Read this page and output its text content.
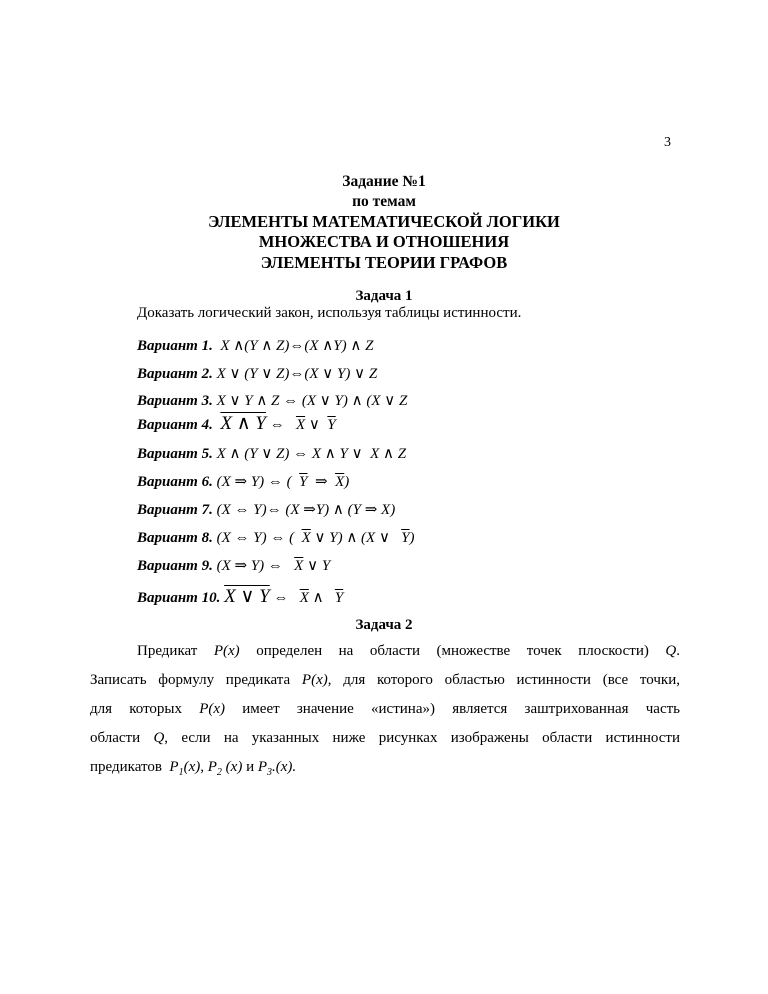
3
Задание №1
по темам
ЭЛЕМЕНТЫ МАТЕМАТИЧЕСКОЙ ЛОГИКИ
МНОЖЕСТВА И ОТНОШЕНИЯ
ЭЛЕМЕНТЫ ТЕОРИИ ГРАФОВ
Задача 1
Доказать логический закон, используя таблицы истинности.
Вариант 1.  X ∧(Y ∧ Z)⇔(X ∧Y) ∧ Z
Вариант 2. X ∨ (Y ∨ Z)⇔(X ∨ Y) ∨ Z
Вариант 3. X ∨ Y ∧ Z ⇔ (X ∨ Y) ∧ (X ∨ Z
Вариант 4. X ∧ Y ⇔   $\overline{X}$ ∨  $\overline{Y}$
Вариант 5. X ∧ (Y ∨ Z) ⇔ X ∧ Y ∨  X ∧ Z
Вариант 6. (X ⇒ Y) ⇔ (  $\overline{Y}$  ⇒  $\overline{X}$)
Вариант 7. (X ⇔ Y)⇔ (X ⇒Y) ∧ (Y ⇒ X)
Вариант 8. (X ⇔ Y) ⇔ (  $\overline{X}$ ∨ Y) ∧ (X ∨   $\overline{Y}$)
Вариант 9. (X ⇒ Y) ⇔   $\overline{X}$ ∨ Y
Вариант 10. X ∨ Y ⇔   $\overline{X}$ ∧   $\overline{Y}$
Задача 2
Предикат P(x) определен на области (множестве точек плоскости) Q.
Записать формулу предиката P(x), для которого областью истинности (все точки,
для которых P(x) имеет значение «истина») является заштрихованная часть
области Q, если на указанных ниже рисунках изображены области истинности
предикатов  $P_1(x)$, $P_2$ (x) и $P_3.(x)$.
